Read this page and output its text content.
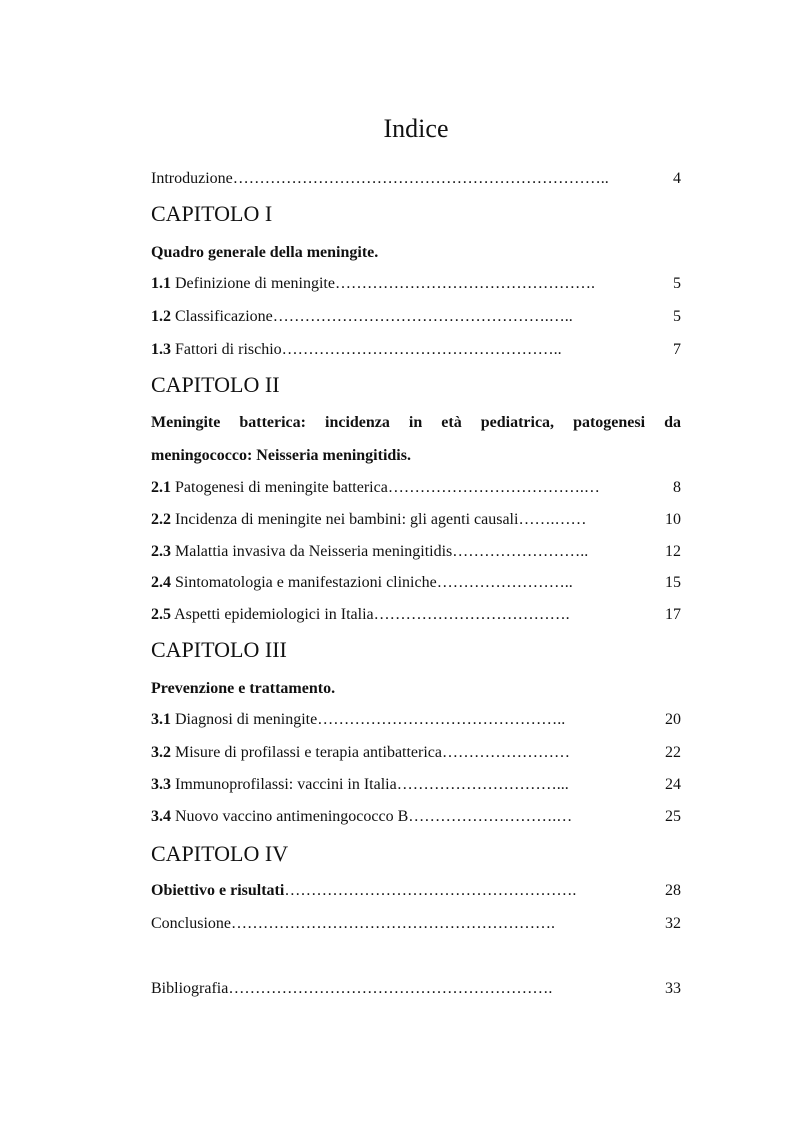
Indice
Introduzione……………………………………………………………..	4
CAPITOLO I
Quadro generale della meningite.
1.1 Definizione di meningite………………………………………….	5
1.2 Classificazione…………………………………………….…..	5
1.3 Fattori di rischio……………………………………………..	7
CAPITOLO II
Meningite batterica: incidenza in età pediatrica, patogenesi da meningococco: Neisseria meningitidis.
2.1 Patogenesi di meningite batterica……………………………….…	8
2.2 Incidenza di meningite nei bambini: gli agenti causali…….……	10
2.3 Malattia invasiva da Neisseria meningitidis……………………..	12
2.4 Sintomatologia e manifestazioni cliniche……………………..	15
2.5 Aspetti epidemiologici in Italia……………………………….	17
CAPITOLO III
Prevenzione e trattamento.
3.1 Diagnosi di meningite………………………………………..	20
3.2 Misure di profilassi e terapia antibatterica……………………	22
3.3 Immunoprofilassi: vaccini in Italia…………………………...	24
3.4 Nuovo vaccino antimeningococco B……………………….…	25
CAPITOLO IV
Obiettivo e risultati……………………………………………….	28
Conclusione…………………………………………………….	32
Bibliografia…………………………………………………….	33
